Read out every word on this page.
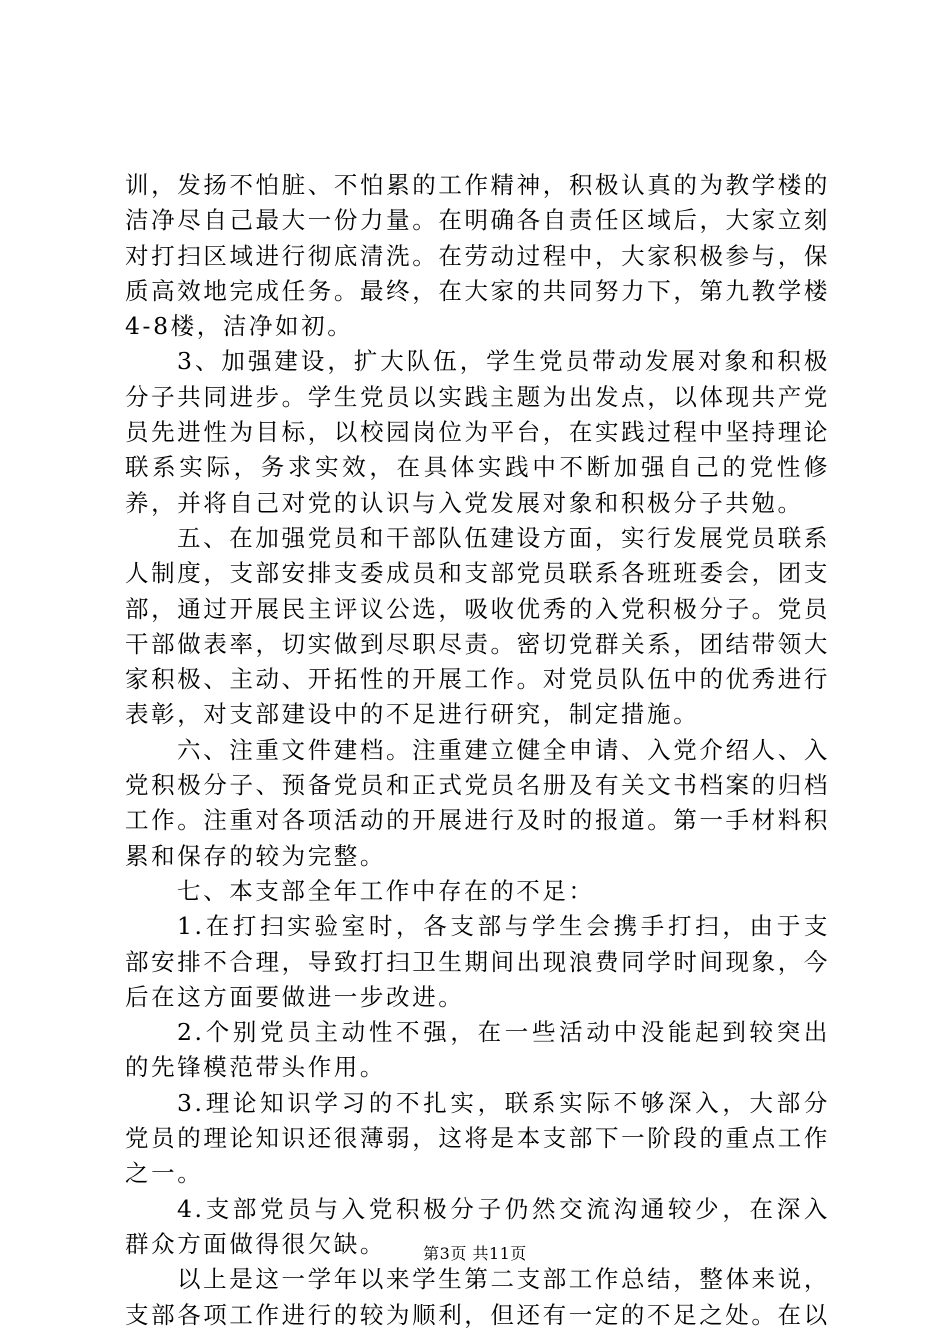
训，发扬不怕脏、不怕累的工作精神，积极认真的为教学楼的洁净尽自己最大一份力量。在明确各自责任区域后，大家立刻对打扫区域进行彻底清洗。在劳动过程中，大家积极参与，保质高效地完成任务。最终，在大家的共同努力下，第九教学楼4-8楼，洁净如初。

3、加强建设，扩大队伍，学生党员带动发展对象和积极分子共同进步。学生党员以实践主题为出发点，以体现共产党员先进性为目标，以校园岗位为平台，在实践过程中坚持理论联系实际，务求实效，在具体实践中不断加强自己的党性修养，并将自己对党的认识与入党发展对象和积极分子共勉。

五、在加强党员和干部队伍建设方面，实行发展党员联系人制度，支部安排支委成员和支部党员联系各班班委会，团支部，通过开展民主评议公选，吸收优秀的入党积极分子。党员干部做表率，切实做到尽职尽责。密切党群关系，团结带领大家积极、主动、开拓性的开展工作。对党员队伍中的优秀进行表彰，对支部建设中的不足进行研究，制定措施。

六、注重文件建档。注重建立健全申请、入党介绍人、入党积极分子、预备党员和正式党员名册及有关文书档案的归档工作。注重对各项活动的开展进行及时的报道。第一手材料积累和保存的较为完整。

七、本支部全年工作中存在的不足：

1.在打扫实验室时，各支部与学生会携手打扫，由于支部安排不合理，导致打扫卫生期间出现浪费同学时间现象，今后在这方面要做进一步改进。

2.个别党员主动性不强，在一些活动中没能起到较突出的先锋模范带头作用。

3.理论知识学习的不扎实，联系实际不够深入，大部分党员的理论知识还很薄弱，这将是本支部下一阶段的重点工作之一。

4.支部党员与入党积极分子仍然交流沟通较少，在深入群众方面做得很欠缺。

以上是这一学年以来学生第二支部工作总结，整体来说，支部各项工作进行的较为顺利，但还有一定的不足之处。在以

第3页 共11页
